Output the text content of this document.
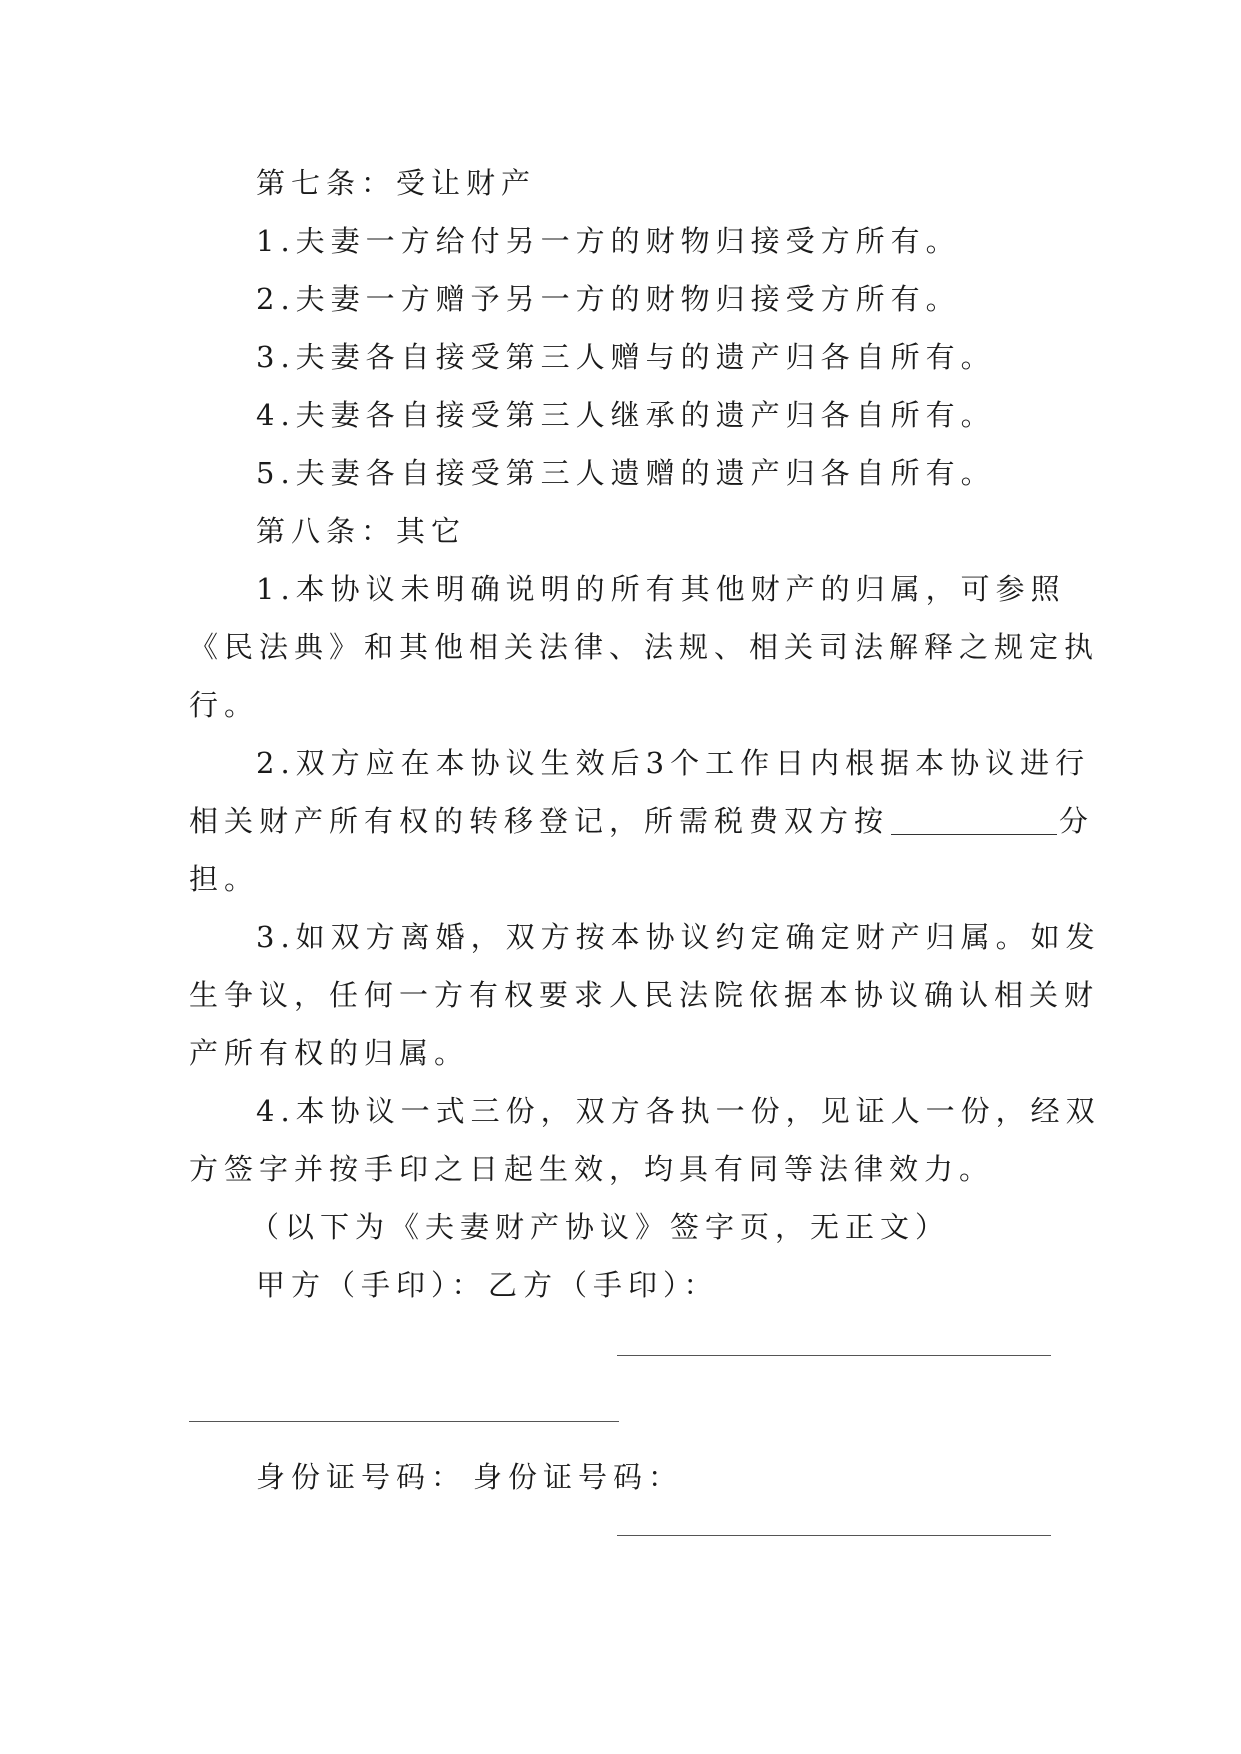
第七条：受让财产
1.夫妻一方给付另一方的财物归接受方所有。
2.夫妻一方赠予另一方的财物归接受方所有。
3.夫妻各自接受第三人赠与的遗产归各自所有。
4.夫妻各自接受第三人继承的遗产归各自所有。
5.夫妻各自接受第三人遗赠的遗产归各自所有。
第八条：其它
1.本协议未明确说明的所有其他财产的归属，可参照
《民法典》和其他相关法律、法规、相关司法解释之规定执
行。
2.双方应在本协议生效后3个工作日内根据本协议进行
相关财产所有权的转移登记，所需税费双方按	分
担。
3.如双方离婚，双方按本协议约定确定财产归属。如发
生争议，任何一方有权要求人民法院依据本协议确认相关财
产所有权的归属。
4.本协议一式三份，双方各执一份，见证人一份，经双
方签字并按手印之日起生效，均具有同等法律效力。
（以下为《夫妻财产协议》签字页，无正文）
甲方（手印）： 乙方（手印）：
身份证号码： 身份证号码：
